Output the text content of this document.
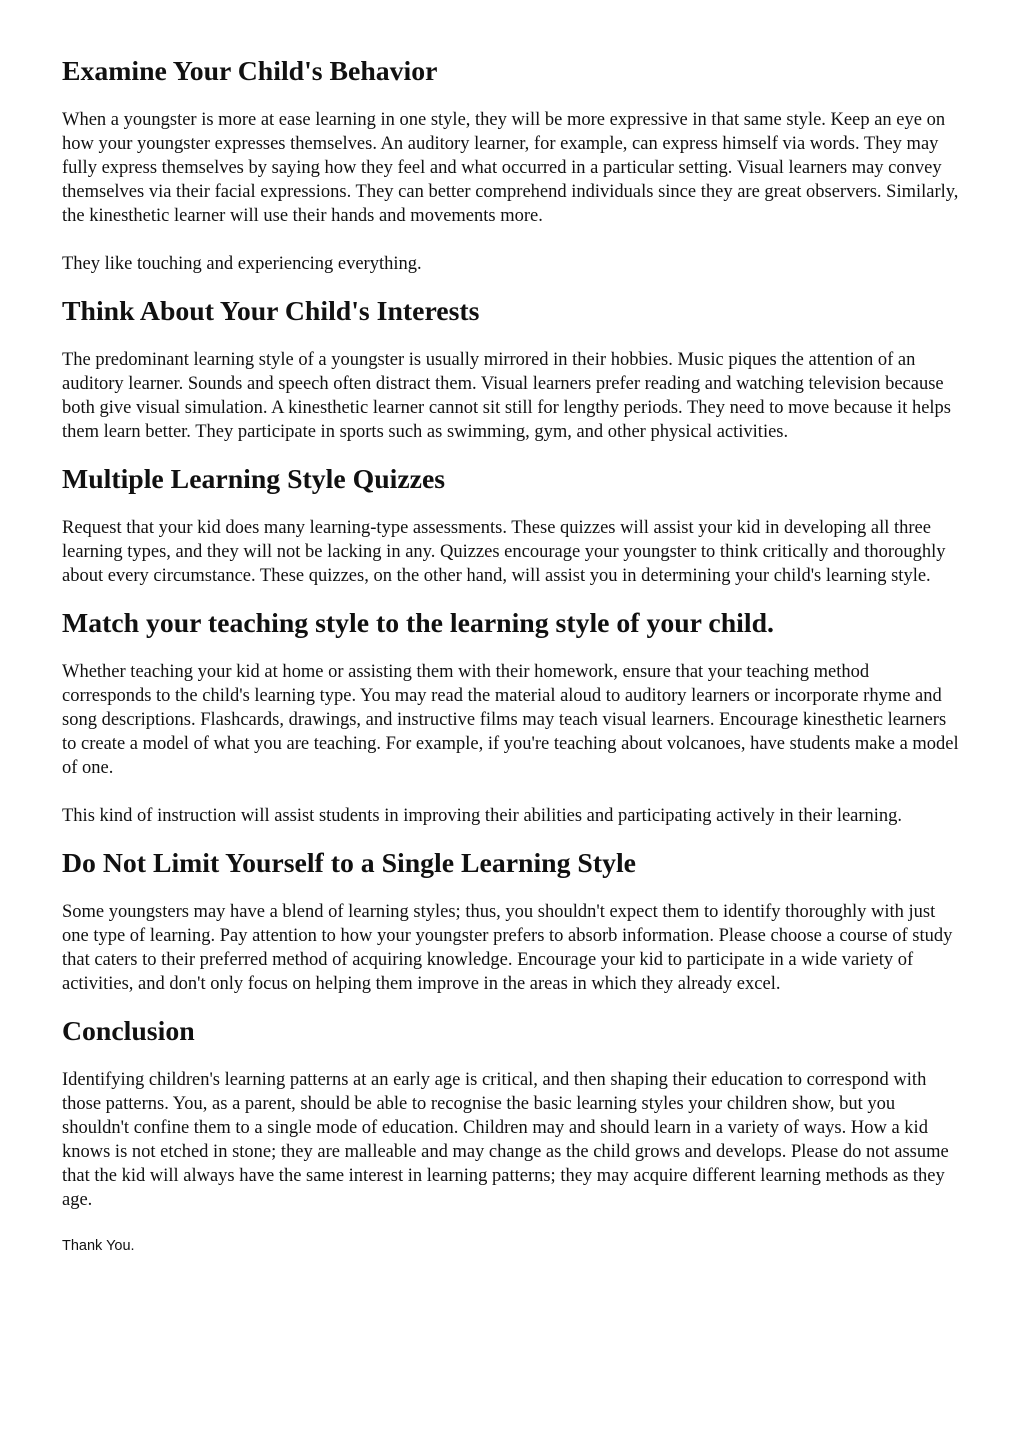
Examine Your Child's Behavior

When a youngster is more at ease learning in one style, they will be more expressive in that same style. Keep an eye on how your youngster expresses themselves. An auditory learner, for example, can express himself via words. They may fully express themselves by saying how they feel and what occurred in a particular setting. Visual learners may convey themselves via their facial expressions. They can better comprehend individuals since they are great observers. Similarly, the kinesthetic learner will use their hands and movements more.

They like touching and experiencing everything.

Think About Your Child's Interests

The predominant learning style of a youngster is usually mirrored in their hobbies. Music piques the attention of an auditory learner. Sounds and speech often distract them. Visual learners prefer reading and watching television because both give visual simulation. A kinesthetic learner cannot sit still for lengthy periods. They need to move because it helps them learn better. They participate in sports such as swimming, gym, and other physical activities.

Multiple Learning Style Quizzes

Request that your kid does many learning-type assessments. These quizzes will assist your kid in developing all three learning types, and they will not be lacking in any. Quizzes encourage your youngster to think critically and thoroughly about every circumstance. These quizzes, on the other hand, will assist you in determining your child's learning style.

Match your teaching style to the learning style of your child.

Whether teaching your kid at home or assisting them with their homework, ensure that your teaching method corresponds to the child's learning type. You may read the material aloud to auditory learners or incorporate rhyme and song descriptions. Flashcards, drawings, and instructive films may teach visual learners. Encourage kinesthetic learners to create a model of what you are teaching. For example, if you're teaching about volcanoes, have students make a model of one.

This kind of instruction will assist students in improving their abilities and participating actively in their learning.

Do Not Limit Yourself to a Single Learning Style

Some youngsters may have a blend of learning styles; thus, you shouldn't expect them to identify thoroughly with just one type of learning. Pay attention to how your youngster prefers to absorb information. Please choose a course of study that caters to their preferred method of acquiring knowledge. Encourage your kid to participate in a wide variety of activities, and don't only focus on helping them improve in the areas in which they already excel.

Conclusion

Identifying children's learning patterns at an early age is critical, and then shaping their education to correspond with those patterns. You, as a parent, should be able to recognise the basic learning styles your children show, but you shouldn't confine them to a single mode of education. Children may and should learn in a variety of ways. How a kid knows is not etched in stone; they are malleable and may change as the child grows and develops. Please do not assume that the kid will always have the same interest in learning patterns; they may acquire different learning methods as they age.

Thank You.
